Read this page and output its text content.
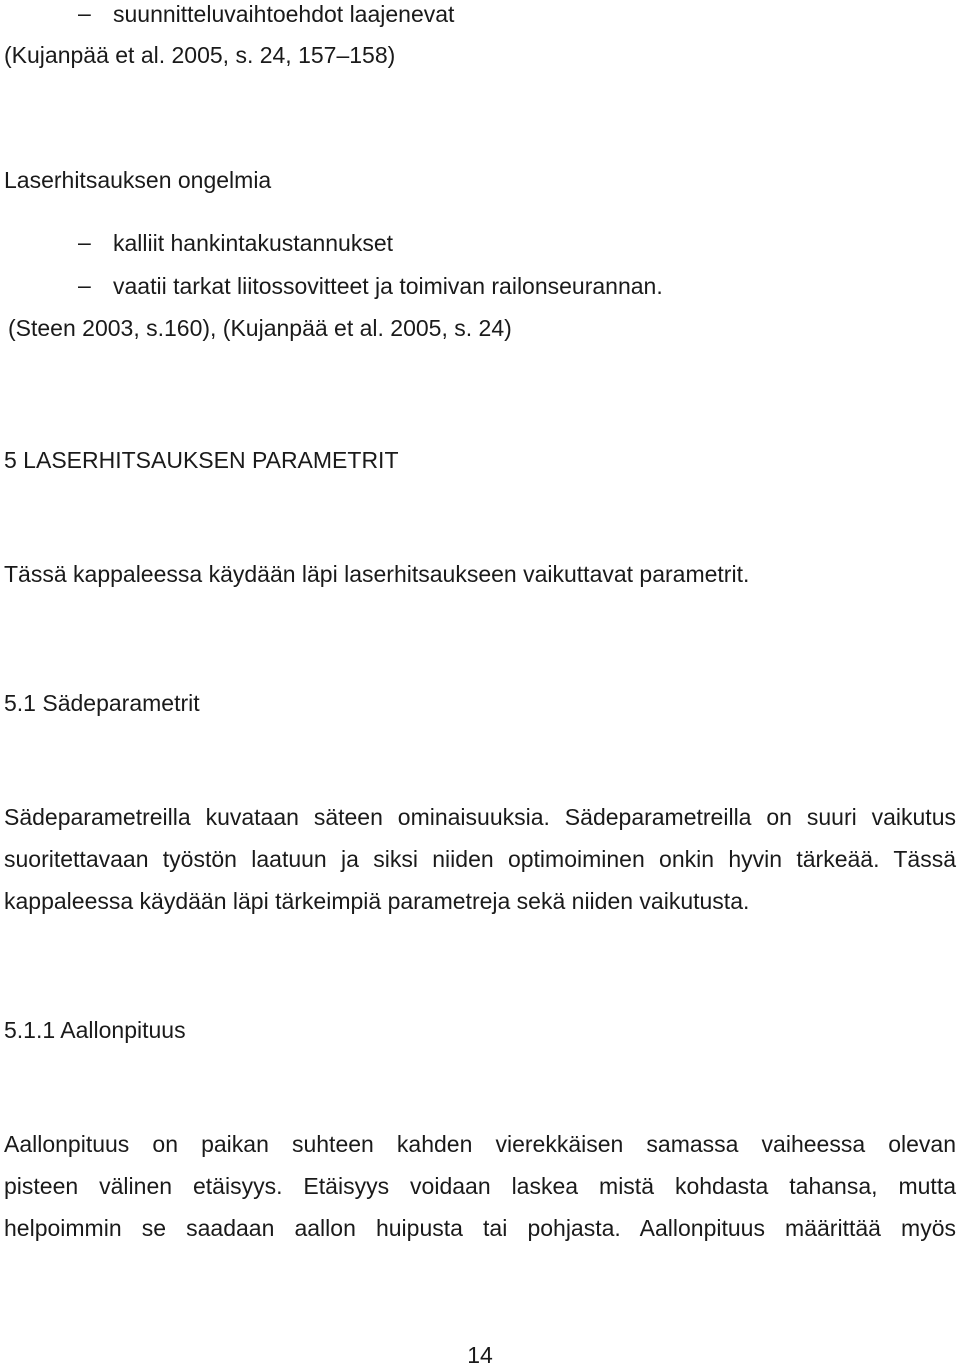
– suunnitteluvaihtoehdot laajenevat
(Kujanpää et al. 2005, s. 24, 157–158)
Laserhitsauksen ongelmia
– kalliit hankintakustannukset
– vaatii tarkat liitossovitteet ja toimivan railonseurannan.
(Steen 2003, s.160), (Kujanpää et al. 2005, s. 24)
5 LASERHITSAUKSEN PARAMETRIT
Tässä kappaleessa käydään läpi laserhitsaukseen vaikuttavat parametrit.
5.1 Sädeparametrit
Sädeparametreilla kuvataan säteen ominaisuuksia. Sädeparametreilla on suuri vaikutus
suoritettavaan työstön laatuun ja siksi niiden optimoiminen onkin hyvin tärkeää. Tässä
kappaleessa käydään läpi tärkeimpiä parametreja sekä niiden vaikutusta.
5.1.1 Aallonpituus
Aallonpituus on paikan suhteen kahden vierekkäisen samassa vaiheessa olevan
pisteen välinen etäisyys. Etäisyys voidaan laskea mistä kohdasta tahansa, mutta
helpoimmin se saadaan aallon huipusta tai pohjasta. Aallonpituus määrittää myös
14
